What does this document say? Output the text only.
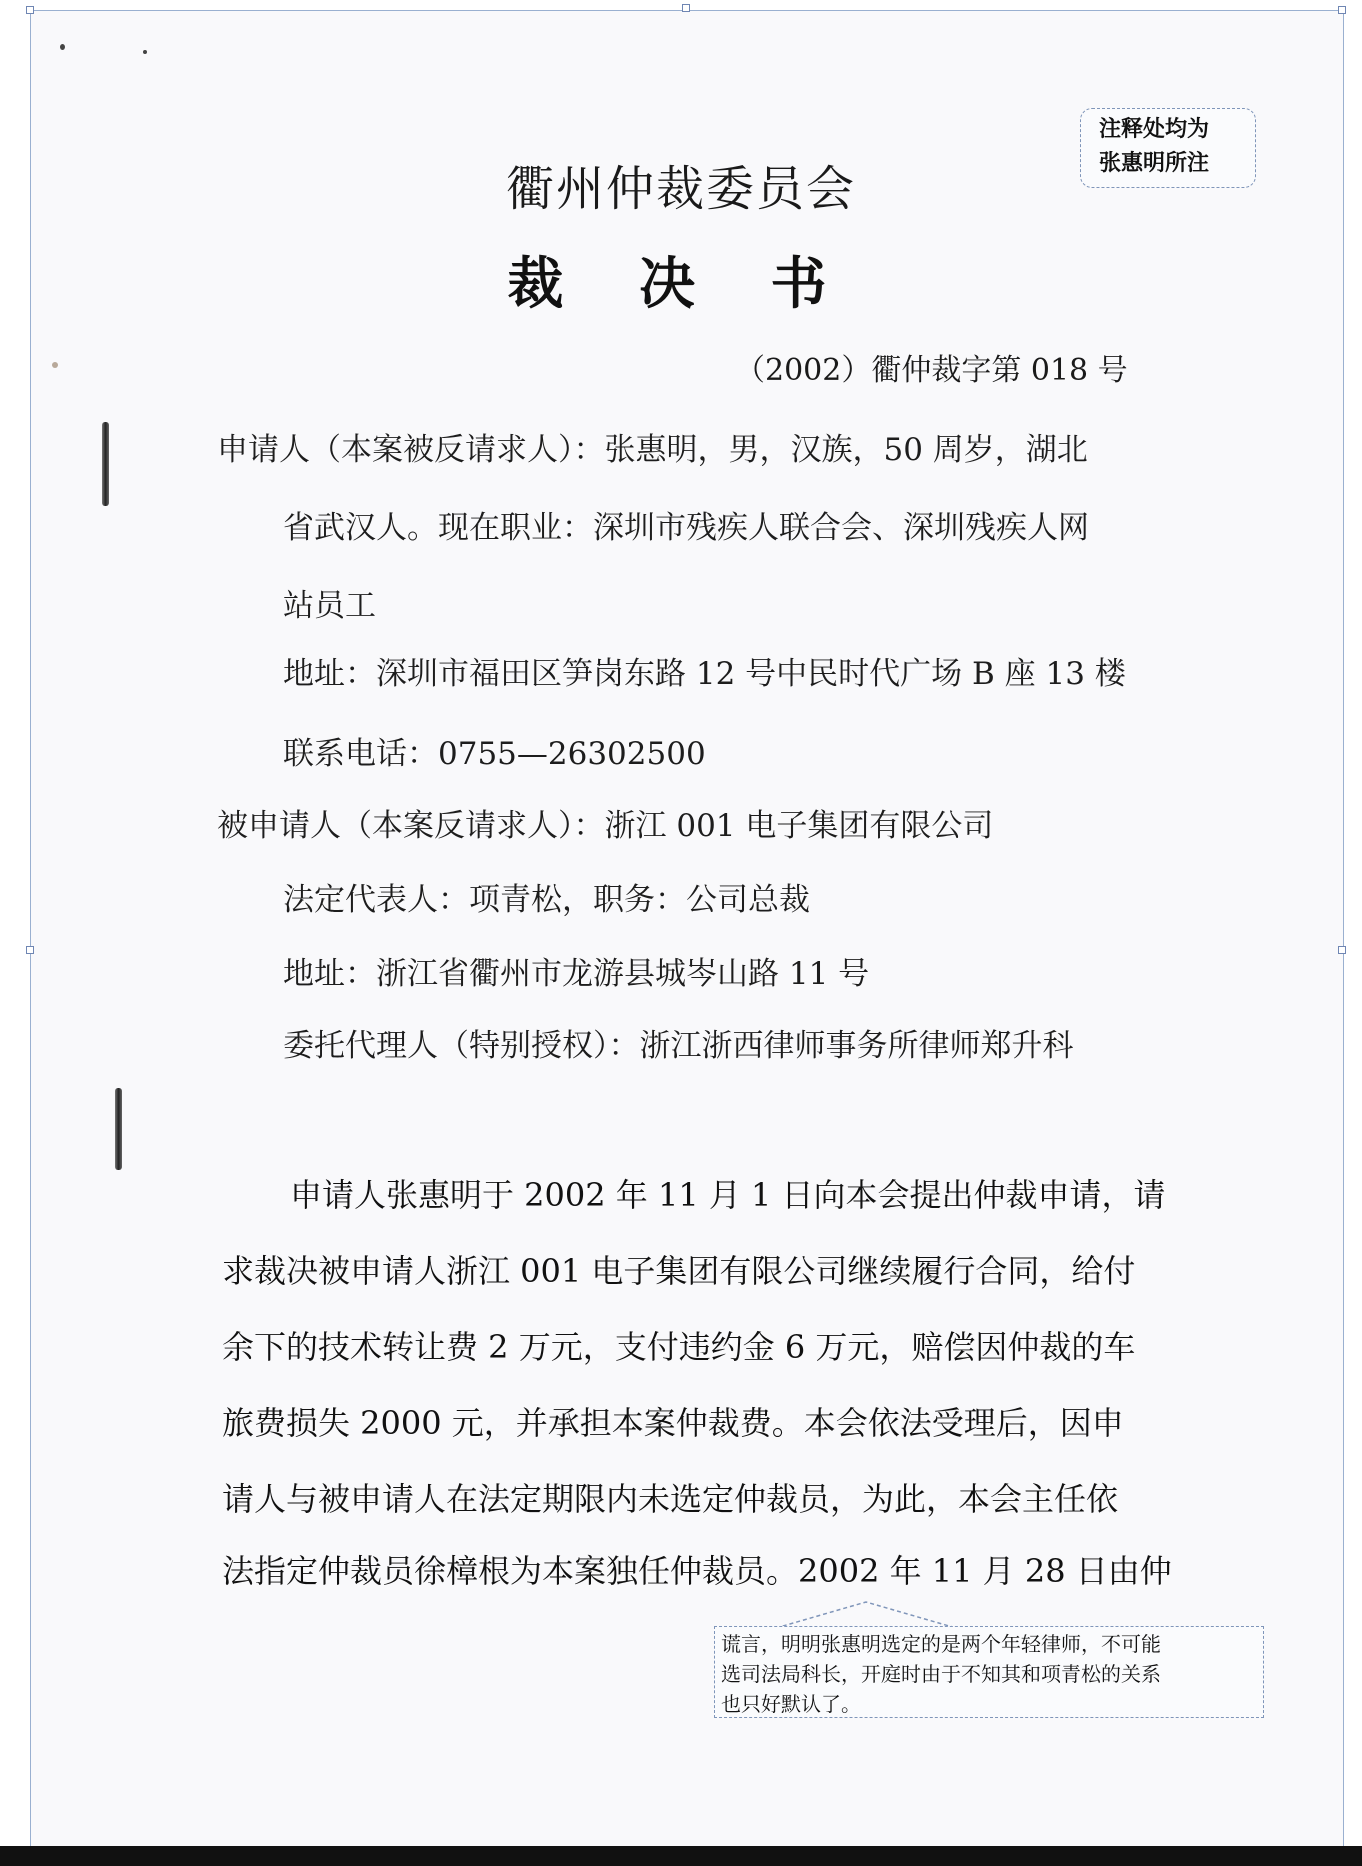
注释处均为
张惠明所注
衢州仲裁委员会
裁 决 书
（2002）衢仲裁字第 018 号
申请人（本案被反请求人）：张惠明，男，汉族，50 周岁，湖北
省武汉人。现在职业：深圳市残疾人联合会、深圳残疾人网
站员工
地址：深圳市福田区笋岗东路 12 号中民时代广场 B 座 13 楼
联系电话：0755—26302500
被申请人（本案反请求人）：浙江 001 电子集团有限公司
法定代表人：项青松，职务：公司总裁
地址：浙江省衢州市龙游县城岑山路 11 号
委托代理人（特别授权）：浙江浙西律师事务所律师郑升科
申请人张惠明于 2002 年 11 月 1 日向本会提出仲裁申请，请
求裁决被申请人浙江 001 电子集团有限公司继续履行合同，给付
余下的技术转让费 2 万元，支付违约金 6 万元，赔偿因仲裁的车
旅费损失 2000 元，并承担本案仲裁费。本会依法受理后，因申
请人与被申请人在法定期限内未选定仲裁员，为此，本会主任依
法指定仲裁员徐樟根为本案独任仲裁员。2002 年 11 月 28 日由仲
谎言，明明张惠明选定的是两个年轻律师，不可能
选司法局科长，开庭时由于不知其和项青松的关系
也只好默认了。
